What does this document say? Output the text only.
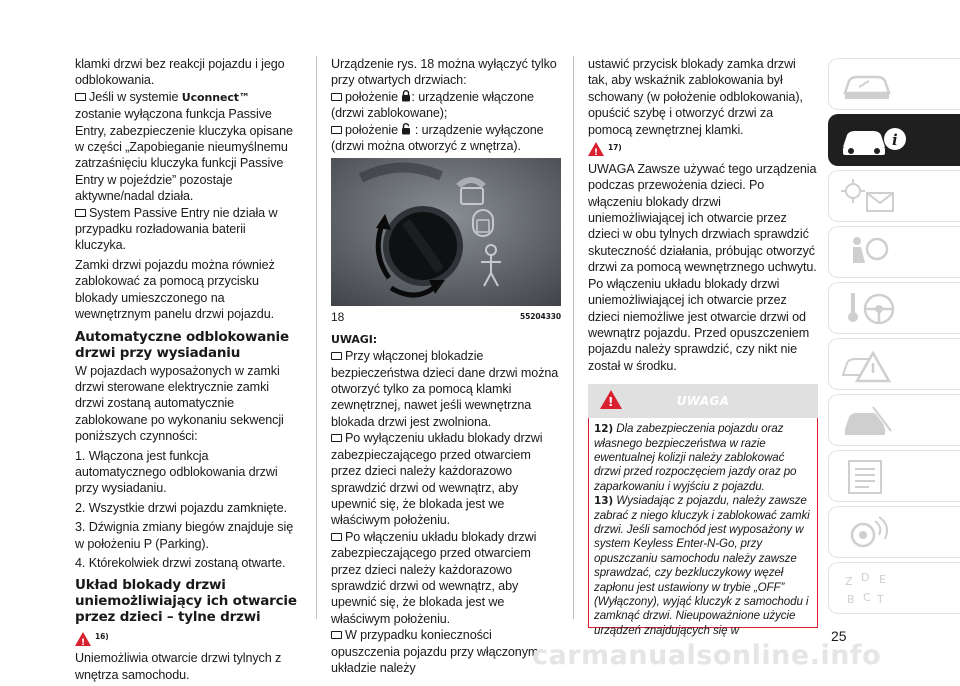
klamki drzwi bez reakcji pojazdu i jego odblokowania.

Jeśli w systemie Uconnect™ zostanie wyłączona funkcja Passive Entry, zabezpieczenie kluczyka opisane w części „Zapobieganie nieumyślnemu zatrzaśnięciu kluczyka funkcji Passive Entry w pojeździe” pozostaje aktywne/nadal działa.

System Passive Entry nie działa w przypadku rozładowania baterii kluczyka.

Zamki drzwi pojazdu można również zablokować za pomocą przycisku blokady umieszczonego na wewnętrznym panelu drzwi pojazdu.

Automatyczne odblokowanie drzwi przy wysiadaniu

W pojazdach wyposażonych w zamki drzwi sterowane elektrycznie zamki drzwi zostaną automatycznie zablokowane po wykonaniu sekwencji poniższych czynności:

1. Włączona jest funkcja automatycznego odblokowania drzwi przy wysiadaniu.

2. Wszystkie drzwi pojazdu zamknięte.

3. Dźwignia zmiany biegów znajduje się w położeniu P (Parking).

4. Którekolwiek drzwi zostaną otwarte.

Układ blokady drzwi uniemożliwiający ich otwarcie przez dzieci – tylne drzwi
!
16)

Uniemożliwia otwarcie drzwi tylnych z wnętrza samochodu.

Urządzenie rys. 18 można wyłączyć tylko przy otwartych drzwiach:

położenie : urządzenie włączone (drzwi zablokowane);

położenie  : urządzenie wyłączone (drzwi można otworzyć z wnętrza).

18	55204330

UWAGI:

Przy włączonej blokadzie bezpieczeństwa dzieci dane drzwi można otworzyć tylko za pomocą klamki zewnętrznej, nawet jeśli wewnętrzna blokada drzwi jest zwolniona.

Po wyłączeniu układu blokady drzwi zabezpieczającego przed otwarciem przez dzieci należy każdorazowo sprawdzić drzwi od wewnątrz, aby upewnić się, że blokada jest we właściwym położeniu.

Po włączeniu układu blokady drzwi zabezpieczającego przed otwarciem przez dzieci należy każdorazowo sprawdzić drzwi od wewnątrz, aby upewnić się, że blokada jest we właściwym położeniu.

W przypadku konieczności opuszczenia pojazdu przy włączonym układzie należy

ustawić przycisk blokady zamka drzwi tak, aby wskaźnik zablokowania był schowany (w położenie odblokowania), opuścić szybę i otworzyć drzwi za pomocą zewnętrznej klamki.

!
17)

UWAGA Zawsze używać tego urządzenia podczas przewożenia dzieci. Po włączeniu blokady drzwi uniemożliwiającej ich otwarcie przez dzieci w obu tylnych drzwiach sprawdzić skuteczność działania, próbując otworzyć drzwi za pomocą wewnętrznego uchwytu. Po włączeniu układu blokady drzwi uniemożliwiającej ich otwarcie przez dzieci niemożliwe jest otwarcie drzwi od wewnątrz pojazdu. Przed opuszczeniem pojazdu należy sprawdzić, czy nikt nie został w środku.

!
UWAGA

12) Dla zabezpieczenia pojazdu oraz własnego bezpieczeństwa w razie ewentualnej kolizji należy zablokować drzwi przed rozpoczęciem jazdy oraz po zaparkowaniu i wyjściu z pojazdu.

13) Wysiadając z pojazdu, należy zawsze zabrać z niego kluczyk i zablokować zamki drzwi. Jeśli samochód jest wyposażony w system Keyless Enter-N-Go, przy opuszczaniu samochodu należy zawsze sprawdzać, czy bezkluczykowy węzeł zapłonu jest ustawiony w trybie „OFF” (Wyłączony), wyjąć kluczyk z samochodu i zamknąć drzwi. Nieupoważnione użycie urządzeń znajdujących się w

i
Z D E
B C T
25
carmanualsonline.info
